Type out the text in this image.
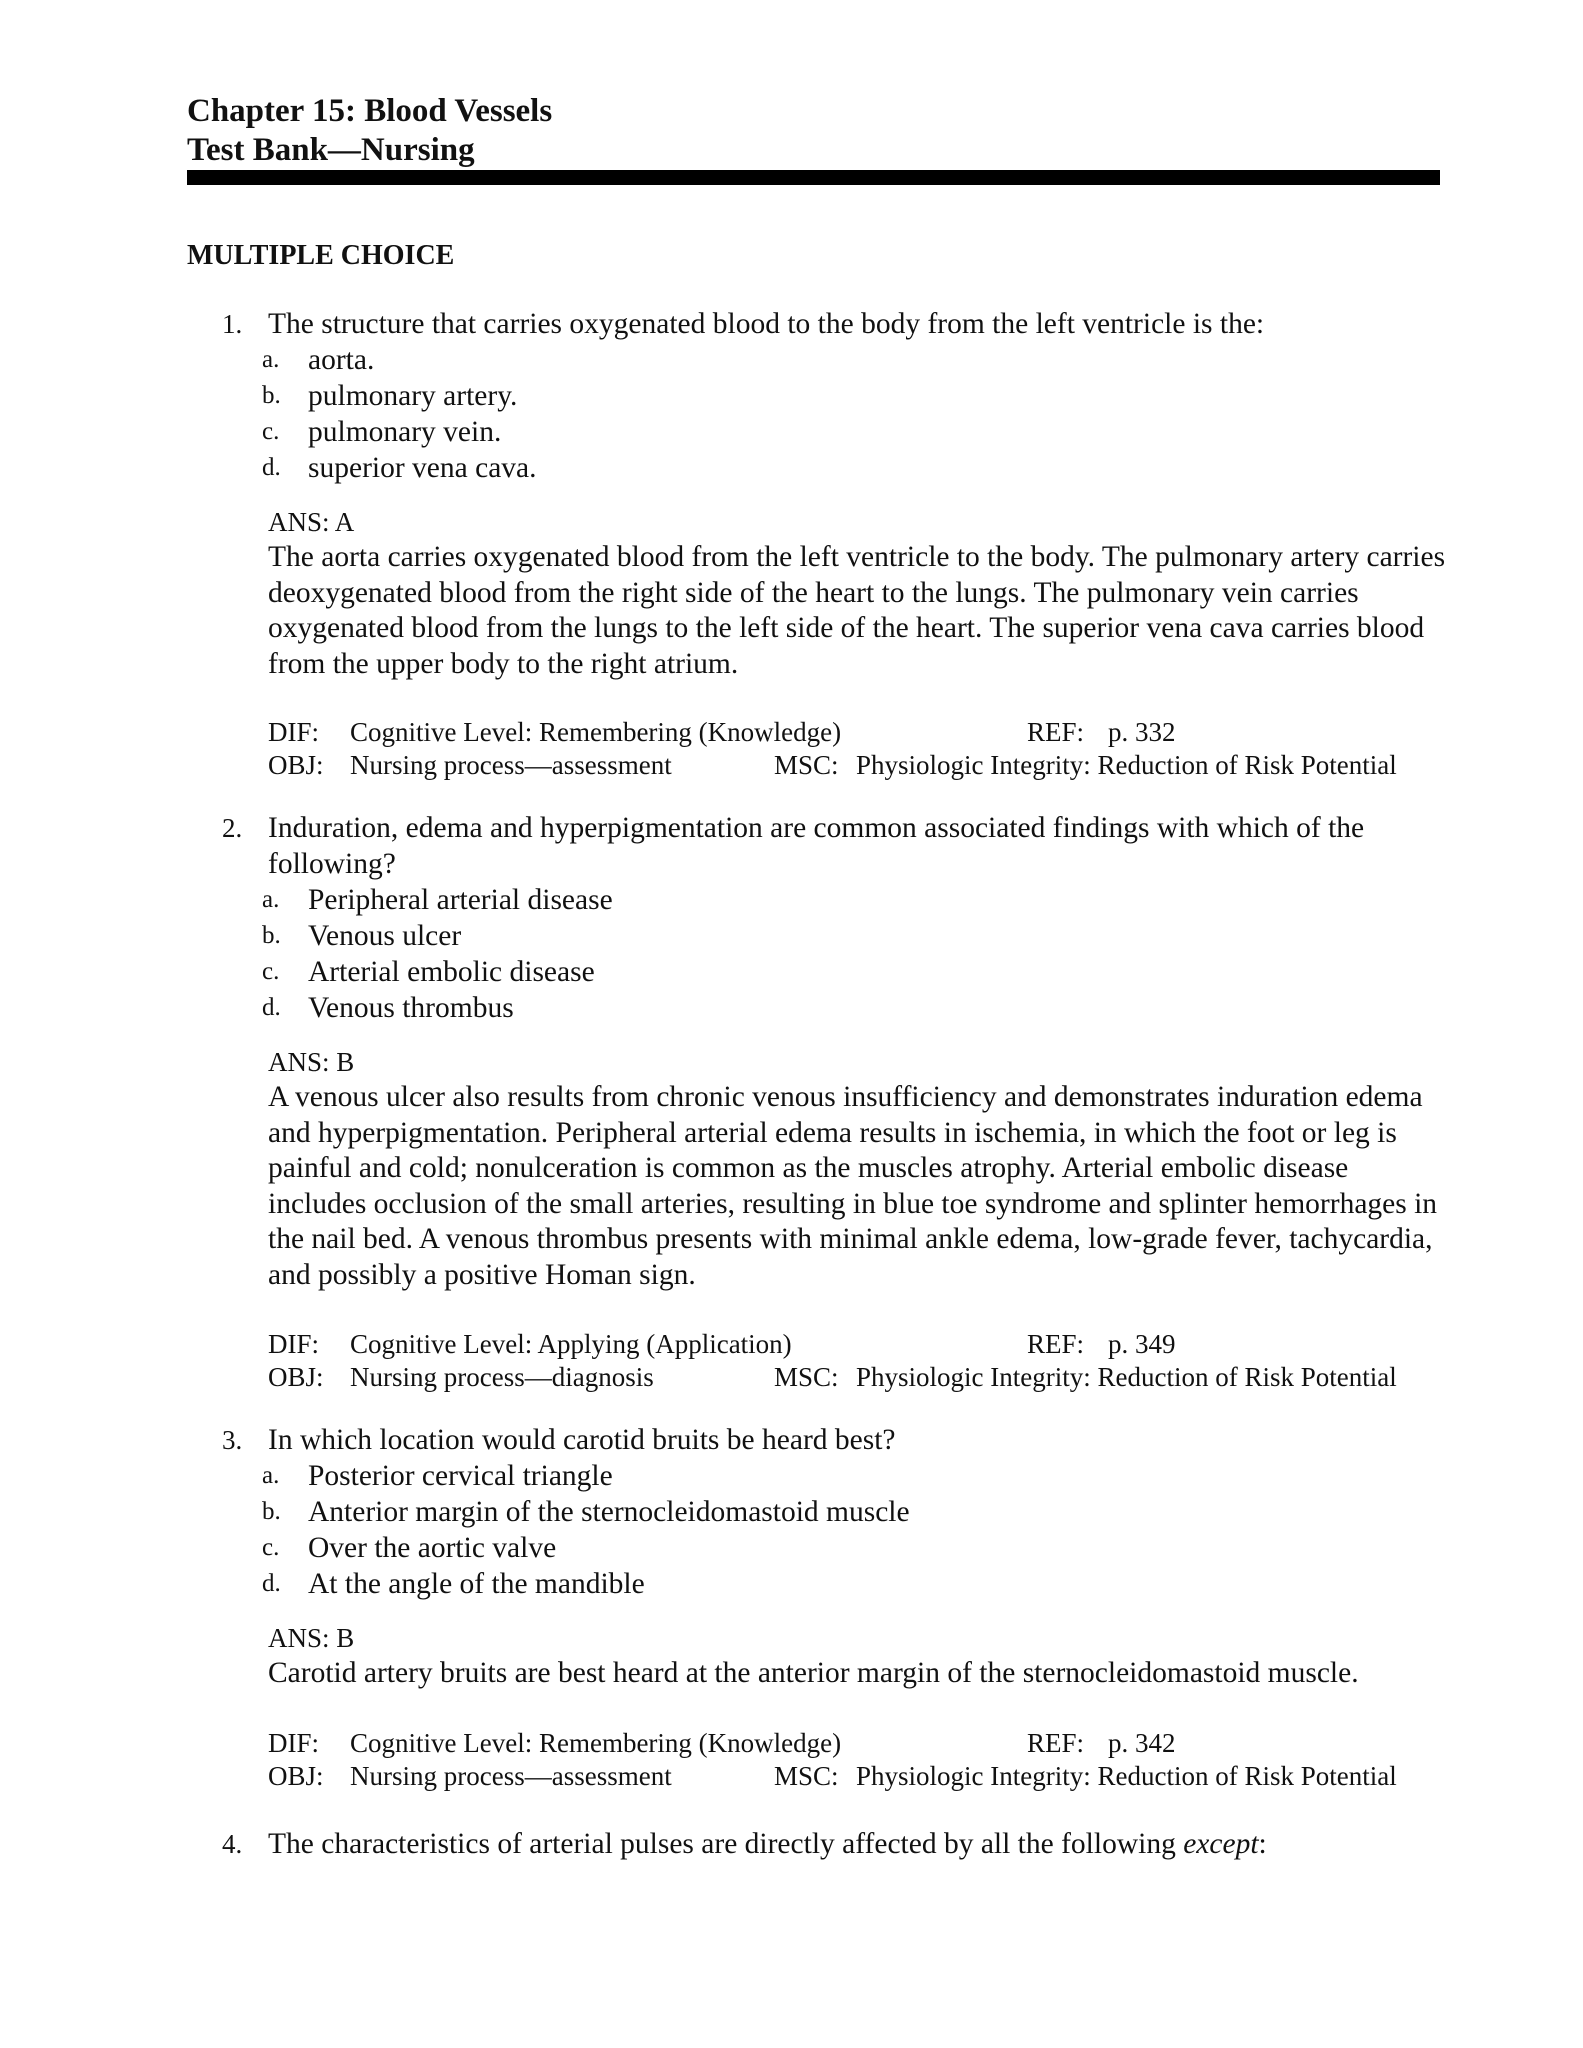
Chapter 15: Blood Vessels
Test Bank—Nursing
MULTIPLE CHOICE
1. The structure that carries oxygenated blood to the body from the left ventricle is the:
a. aorta.
b. pulmonary artery.
c. pulmonary vein.
d. superior vena cava.
ANS: A
The aorta carries oxygenated blood from the left ventricle to the body. The pulmonary artery carries deoxygenated blood from the right side of the heart to the lungs. The pulmonary vein carries oxygenated blood from the lungs to the left side of the heart. The superior vena cava carries blood from the upper body to the right atrium.
DIF: Cognitive Level: Remembering (Knowledge)	REF: p. 332
OBJ: Nursing process—assessment	MSC: Physiologic Integrity: Reduction of Risk Potential
2. Induration, edema and hyperpigmentation are common associated findings with which of the following?
a. Peripheral arterial disease
b. Venous ulcer
c. Arterial embolic disease
d. Venous thrombus
ANS: B
A venous ulcer also results from chronic venous insufficiency and demonstrates induration edema and hyperpigmentation. Peripheral arterial edema results in ischemia, in which the foot or leg is painful and cold; nonulceration is common as the muscles atrophy. Arterial embolic disease includes occlusion of the small arteries, resulting in blue toe syndrome and splinter hemorrhages in the nail bed. A venous thrombus presents with minimal ankle edema, low-grade fever, tachycardia, and possibly a positive Homan sign.
DIF: Cognitive Level: Applying (Application)	REF: p. 349
OBJ: Nursing process—diagnosis	MSC: Physiologic Integrity: Reduction of Risk Potential
3. In which location would carotid bruits be heard best?
a. Posterior cervical triangle
b. Anterior margin of the sternocleidomastoid muscle
c. Over the aortic valve
d. At the angle of the mandible
ANS: B
Carotid artery bruits are best heard at the anterior margin of the sternocleidomastoid muscle.
DIF: Cognitive Level: Remembering (Knowledge)	REF: p. 342
OBJ: Nursing process—assessment	MSC: Physiologic Integrity: Reduction of Risk Potential
4. The characteristics of arterial pulses are directly affected by all the following except:
